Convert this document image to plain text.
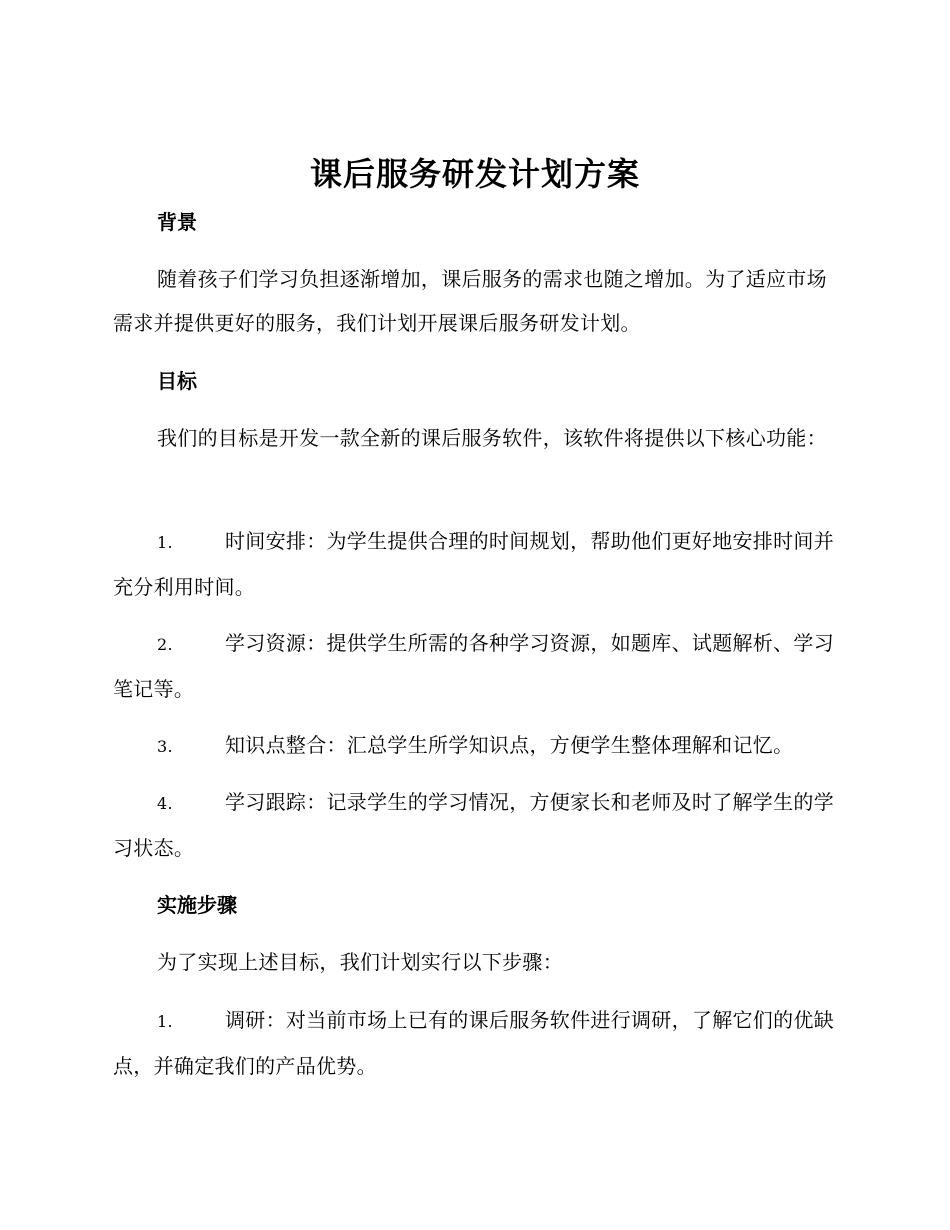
课后服务研发计划方案
背景
随着孩子们学习负担逐渐增加，课后服务的需求也随之增加。为了适应市场需求并提供更好的服务，我们计划开展课后服务研发计划。
目标
我们的目标是开发一款全新的课后服务软件，该软件将提供以下核心功能：
1.	时间安排：为学生提供合理的时间规划，帮助他们更好地安排时间并充分利用时间。
2.	学习资源：提供学生所需的各种学习资源，如题库、试题解析、学习笔记等。
3.	知识点整合：汇总学生所学知识点，方便学生整体理解和记忆。
4.	学习跟踪：记录学生的学习情况，方便家长和老师及时了解学生的学习状态。
实施步骤
为了实现上述目标，我们计划实行以下步骤：
1.	调研：对当前市场上已有的课后服务软件进行调研，了解它们的优缺点，并确定我们的产品优势。
